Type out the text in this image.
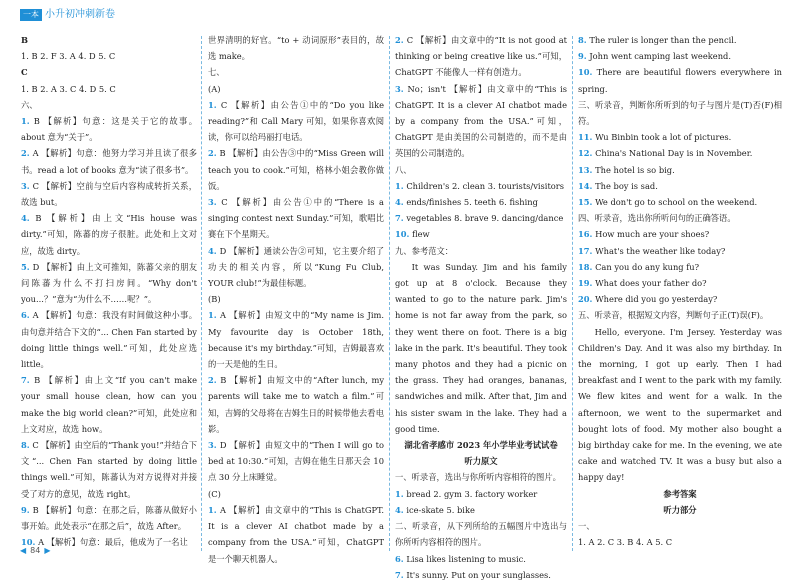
一本 小升初冲刺新卷

B

1. B 2. F 3. A 4. D 5. C

C

1. B 2. A 3. C 4. D 5. C

六、

1. B 【解析】句意：这是关于它的故事。about 意为“关于”。

2. A 【解析】句意：他努力学习并且读了很多书。read a lot of books 意为“读了很多书”。

3. C 【解析】空前与空后内容构成转折关系，故选 but。

4. B 【解析】由上文“His house was dirty.”可知，陈蕃的房子很脏。此处和上文对应，故选 dirty。

5. D 【解析】由上文可推知，陈蕃父亲的朋友问陈蕃为什么不打扫房间。“Why don't you...？”意为“为什么不……呢？”。

6. A 【解析】句意：我没有时间做这种小事。由句意并结合下文的“... Chen Fan started by doing little things well.”可知，此处应选 little。

7. B 【解析】由上文“If you can't make your small house clean, how can you make the big world clean?”可知，此处应和上文对应，故选 how。

8. C 【解析】由空后的“Thank you!”并结合下文“... Chen Fan started by doing little things well.”可知，陈蕃认为对方说得对并接受了对方的意见，故选 right。

9. B 【解析】句意：在那之后，陈蕃从做好小事开始。此处表示“在那之后”，故选 After。

10. A 【解析】句意：最后，他成为了一名让

世界清明的好官。“to + 动词原形”表目的，故选 make。

七、

(A)

1. C 【解析】由公告①中的“Do you like reading?”和 Call Mary 可知，如果你喜欢阅读，你可以给玛丽打电话。

2. B 【解析】由公告③中的“Miss Green will teach you to cook.”可知，格林小姐会教你做饭。

3. C 【解析】由公告①中的“There is a singing contest next Sunday.”可知，歌唱比赛在下个星期天。

4. D 【解析】通读公告②可知，它主要介绍了功夫的相关内容，所以“Kung Fu Club, YOUR club!”为最佳标题。

(B)

1. A 【解析】由短文中的“My name is Jim. My favourite day is October 18th, because it's my birthday.”可知，吉姆最喜欢的一天是他的生日。

2. B 【解析】由短文中的“After lunch, my parents will take me to watch a film.”可知，吉姆的父母将在吉姆生日的时候带他去看电影。

3. D 【解析】由短文中的“Then I will go to bed at 10:30.”可知，吉姆在他生日那天会 10 点 30 分上床睡觉。

(C)

1. A 【解析】由文章中的“This is ChatGPT. It is a clever AI chatbot made by a company from the USA.”可知，ChatGPT 是一个聊天机器人。

2. C 【解析】由文章中的“It is not good at thinking or being creative like us.”可知，ChatGPT 不能像人一样有创造力。

3. No；isn't 【解析】由文章中的“This is ChatGPT. It is a clever AI chatbot made by a company from the USA.”可知，ChatGPT 是由美国的公司制造的，而不是由英国的公司制造的。

八、

1. Children's 2. clean 3. tourists/visitors

4. ends/finishes 5. teeth 6. fishing

7. vegetables 8. brave 9. dancing/dance

10. flew

九、参考范文：

It was Sunday. Jim and his family got up at 8 o'clock. Because they wanted to go to the nature park. Jim's home is not far away from the park, so they went there on foot. There is a big lake in the park. It's beautiful. They took many photos and they had a picnic on the grass. They had oranges, bananas, sandwiches and milk. After that, Jim and his sister swam in the lake. They had a good time.

湖北省孝感市 2023 年小学毕业考试试卷

听力原文

一、听录音，选出与你所听内容相符的图片。

1. bread 2. gym 3. factory worker

4. ice-skate 5. bike

二、听录音，从下列所给的五幅图片中选出与你所听内容相符的图片。

6. Lisa likes listening to music.

7. It's sunny. Put on your sunglasses.

8. The ruler is longer than the pencil.

9. John went camping last weekend.

10. There are beautiful flowers everywhere in spring.

三、听录音，判断你所听到的句子与图片是(T)否(F)相符。

11. Wu Binbin took a lot of pictures.

12. China's National Day is in November.

13. The hotel is so big.

14. The boy is sad.

15. We don't go to school on the weekend.

四、听录音，选出你所听问句的正确答语。

16. How much are your shoes?

17. What's the weather like today?

18. Can you do any kung fu?

19. What does your father do?

20. Where did you go yesterday?

五、听录音，根据短文内容，判断句子正(T)误(F)。

Hello, everyone. I'm Jersey. Yesterday was Children's Day. And it was also my birthday. In the morning, I got up early. Then I had breakfast and I went to the park with my family. We flew kites and went for a walk. In the afternoon, we went to the supermarket and bought lots of food. My mother also bought a big birthday cake for me. In the evening, we ate cake and watched TV. It was a busy but also a happy day!

参考答案

听力部分

一、

1. A 2. C 3. B 4. A 5. C

◀ 84 ▶
